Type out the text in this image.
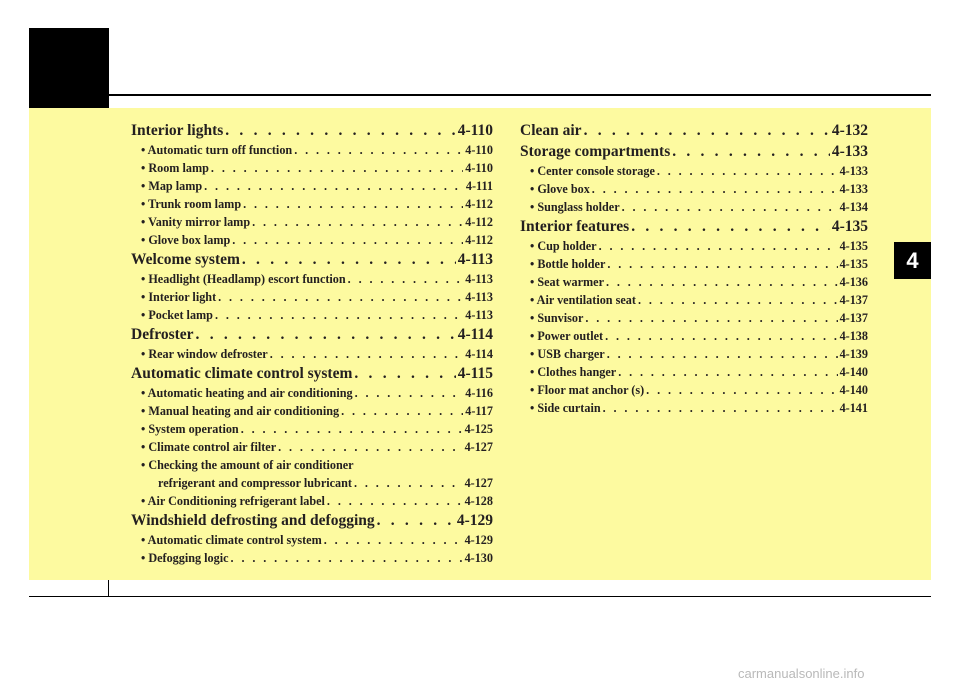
4
Interior lights . . .	4-110
• Automatic turn off function . . .	4-110
• Room lamp . . .	4-110
• Map lamp . . .	4-111
• Trunk room lamp . . .	4-112
• Vanity mirror lamp . . .	4-112
• Glove box lamp . . .	4-112
Welcome system . . .	4-113
• Headlight (Headlamp) escort function . . .	4-113
• Interior light . . .	4-113
• Pocket lamp . . .	4-113
Defroster . . .	4-114
• Rear window defroster . . .	4-114
Automatic climate control system . . .	4-115
• Automatic heating and air conditioning . . .	4-116
• Manual heating and air conditioning . . .	4-117
• System operation . . .	4-125
• Climate control air filter . . .	4-127
• Checking the amount of air conditioner
refrigerant and compressor lubricant . . .	4-127
• Air Conditioning refrigerant label . . .	4-128
Windshield defrosting and defogging . . .	4-129
• Automatic climate control system . . .	4-129
• Defogging logic . . .	4-130
Clean air . . .	4-132
Storage compartments . . .	4-133
• Center console storage . . .	4-133
• Glove box . . .	4-133
• Sunglass holder . . .	4-134
Interior features . . .	4-135
• Cup holder . . .	4-135
• Bottle holder . . .	4-135
• Seat warmer . . .	4-136
• Air ventilation seat . . .	4-137
• Sunvisor . . .	4-137
• Power outlet . . .	4-138
• USB charger . . .	4-139
• Clothes hanger . . .	4-140
• Floor mat anchor (s) . . .	4-140
• Side curtain . . .	4-141
carmanualsonline.info
